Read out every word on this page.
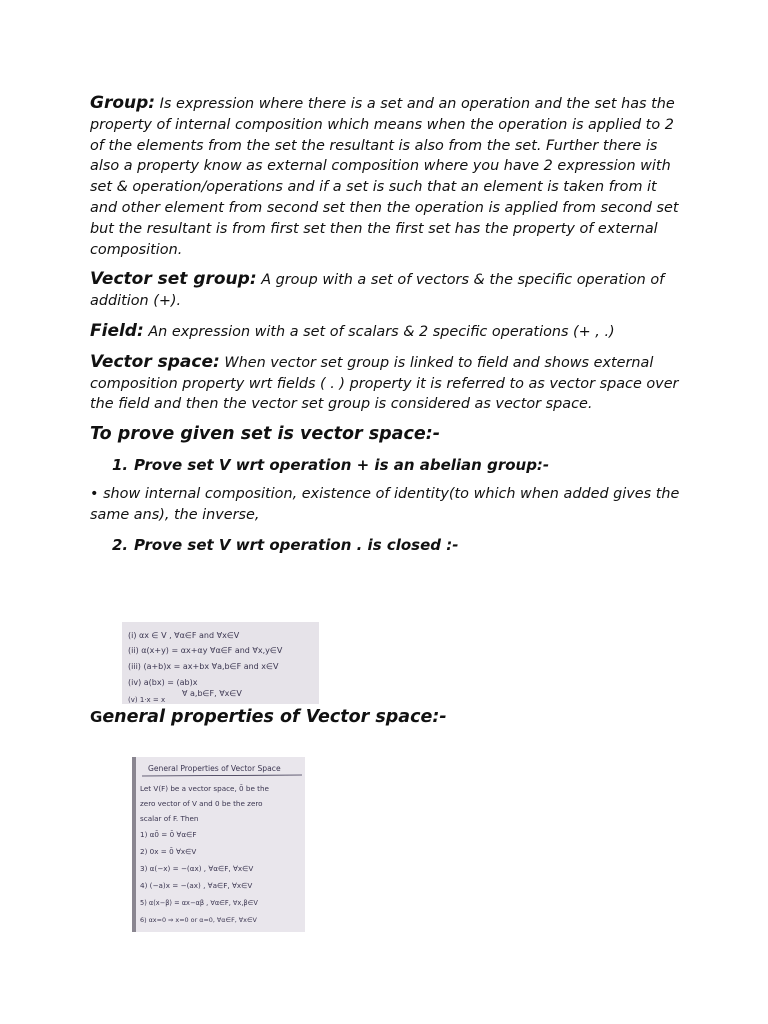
Group: Is expression where there is a set and an operation and the set has the property of internal composition which means when the operation is applied to 2 of the elements from the set the resultant is also from the set. Further there is also a property know as external composition where you have 2 expression with set & operation/operations and if a set is such that an element is taken from it and other element from second set then the operation is applied from second set but the resultant is from first set then the first set has the property of external composition.

Vector set group: A group with a set of vectors & the specific operation of addition (+).

Field: An expression with a set of scalars & 2 specific operations (+ , .)

Vector space: When vector set group is linked to field and shows external composition property wrt fields ( . ) property it is referred to as vector space over the field and then the vector set group is considered as vector space.

To prove given set is vector space:-

1. Prove set V wrt operation + is an abelian group:-

• show internal composition, existence of identity(to which when added gives the same ans), the inverse,

2. Prove set V wrt operation . is closed :-

(i) αx ∈ V , ∀α∈F and ∀x∈V
(ii) α(x+y) = αx+αy ∀α∈F and ∀x,y∈V
(iii) (a+b)x = ax+bx ∀a,b∈F and x∈V
(iv) a(bx) = (ab)x
∀ a,b∈F, ∀x∈V
(v) 1·x = x

General properties of Vector space:-

General Properties of Vector Space
Let V(F) be a vector space, 0̄ be the
zero vector of V and 0 be the zero
scalar of F. Then
1) α0̄ = 0̄ ∀α∈F
2) 0x = 0̄ ∀x∈V
3) α(−x) = −(αx) , ∀α∈F, ∀x∈V
4) (−a)x = −(ax) , ∀a∈F, ∀x∈V
5) α(x−β) = αx−αβ , ∀α∈F, ∀x,β∈V
6) αx=0 ⇒ x=0 or α=0, ∀α∈F, ∀x∈V
